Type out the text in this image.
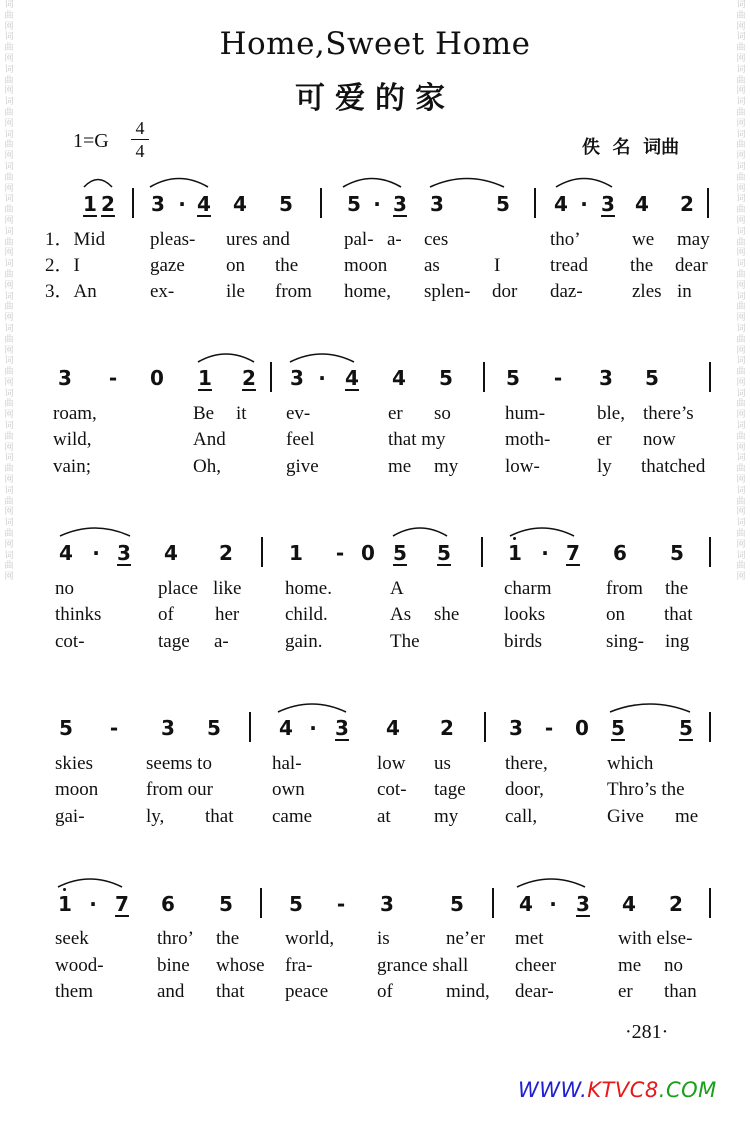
词曲网词曲网词曲网词曲网词曲网词曲网词曲网词曲网词曲网词曲网词曲网词曲网词曲网词曲网词曲网词曲网词曲网词曲网
词曲网词曲网词曲网词曲网词曲网词曲网词曲网词曲网词曲网词曲网词曲网词曲网词曲网词曲网词曲网词曲网词曲网词曲网
Home,Sweet Home
可爱的家
1=G
4
4	佚  名  词曲
1 2 3 · 4 4 5	5 · 3 3	5 4 · 3 4 2
1．Mid pleas- ures and	pal- a- ces	tho’	we may
2．I	gaze on the moon as	I	tread the dear
3．An	ex-	ile from home, splen- dor daz-	zles in
3 - 0 1 2 3 · 4 4 5	5 - 3 5
roam,	Be it ev-	er so	hum-	ble, there’s
wild,	And	feel	that my	moth- er now
vain;	Oh,	give	me my low-	ly thatched
4 · 3 4 2	1 - 0 5 5	1 · 7 6 5
no	place like home.	A	charm	from the
thinks	of her child.	As she looks	on that
cot-	tage a-	gain.	The	birds	sing- ing
5 - 3 5	4 · 3 4 2	3 - 0 5	5
skies	seems to	hal-	low us	there,	which
moon	from our	own	cot- tage door,	Thro’s the
gai-	ly, that came	at my call,	Give me
1 · 7 6 5	5 - 3	5	4 · 3 4 2
seek	thro’ the world, is	ne’er met	with else-
wood-	bine whose fra-	grance shall cheer	me no
them	and that peace	of	mind, dear-	er than
·281·
WWW.KTVC8.COM
